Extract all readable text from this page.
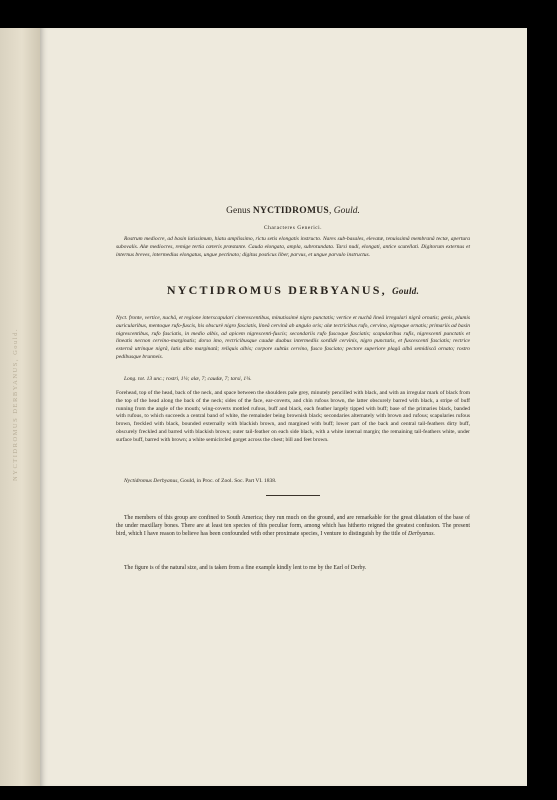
NYCTIDROMUS DERBYANUS, Gould.
Genus NYCTIDROMUS, Gould.
Characteres Generici.
Rostrum mediocre, ad basin latissimum, hiatu amplissimo, rictu setis elongatis instructo. Nares sub-basales, elevatæ, tenuissimâ membranâ tectæ, apertura subovalis. Alæ mediocres, remige tertia cæteris prœstante. Cauda elongata, ampla, subrotundata. Tarsi nudi, elongati, antice scutellati. Digitorum externus et internus breves, intermedius elongatus, ungue pectinato; digitus posticus liber, parvus, et ungue parvulo instructus.
NYCTIDROMUS DERBYANUS, Gould.
Nyct. fronte, vertice, nuchâ, et regione interscapulari cinerescentibus, minutissimè nigro punctatis; vertice et nuchâ lineâ irregulari nigrâ ornatis; genis, plumis auricularibus, mentoque rufo-fuscis, his obscurè nigro fasciatis, lineâ cervinâ ab angulo oris; alæ tectricibus rufo, cervino, nigroque ornatis; primariis ad basin nigrescentibus, rufo fasciatis, in medio albis, ad apicem nigrescenti-fuscis; secondariis rufo fuscoque fasciatis; scapularibus rufis, nigrescenti punctatis et lineatis necnon cervino-marginatis; dorso imo, rectricibusque caudæ duabus intermediis sordidè cervinis, nigro punctatis, et fuscescenti fasciatis; rectrice externâ utrinque nigrâ, latis albo marginatâ; reliquis albis; corpore subtùs cervino, fusco fasciato; pectore superiore plagâ albâ semidiscâ ornato; rostro pedibusque brunneis.
Long. tot. 13 unc.; rostri, 1¼; alæ, 7; caudæ, 7; tarsi, 1¼.
Forehead, top of the head, back of the neck, and space between the shoulders pale grey, minutely pencilled with black, and with an irregular mark of black from the top of the head along the back of the neck; sides of the face, ear-coverts, and chin rufous brown, the latter obscurely barred with black, a stripe of buff running from the angle of the mouth; wing-coverts mottled rufous, buff and black, each feather largely tipped with buff; base of the primaries black, banded with rufous, to which succeeds a central band of white, the remainder being brownish black; secondaries alternately with brown and rufous; scapularies rufous brown, freckled with black, bounded externally with blackish brown, and margined with buff; lower part of the back and central tail-feathers dirty buff, obscurely freckled and barred with blackish brown; outer tail-feather on each side black, with a white internal margin; the remaining tail-feathers white, under surface buff, barred with brown; a white semicircled gorget across the chest; bill and feet brown.
Nyctidromus Derbyanus, Gould, in Proc. of Zool. Soc. Part VI. 1838.
The members of this group are confined to South America; they run much on the ground, and are remarkable for the great dilatation of the base of the under maxillary bones. There are at least ten species of this peculiar form, among which has hitherto reigned the greatest confusion. The present bird, which I have reason to believe has been confounded with other proximate species, I venture to distinguish by the title of Derbyanus.
The figure is of the natural size, and is taken from a fine example kindly lent to me by the Earl of Derby.
